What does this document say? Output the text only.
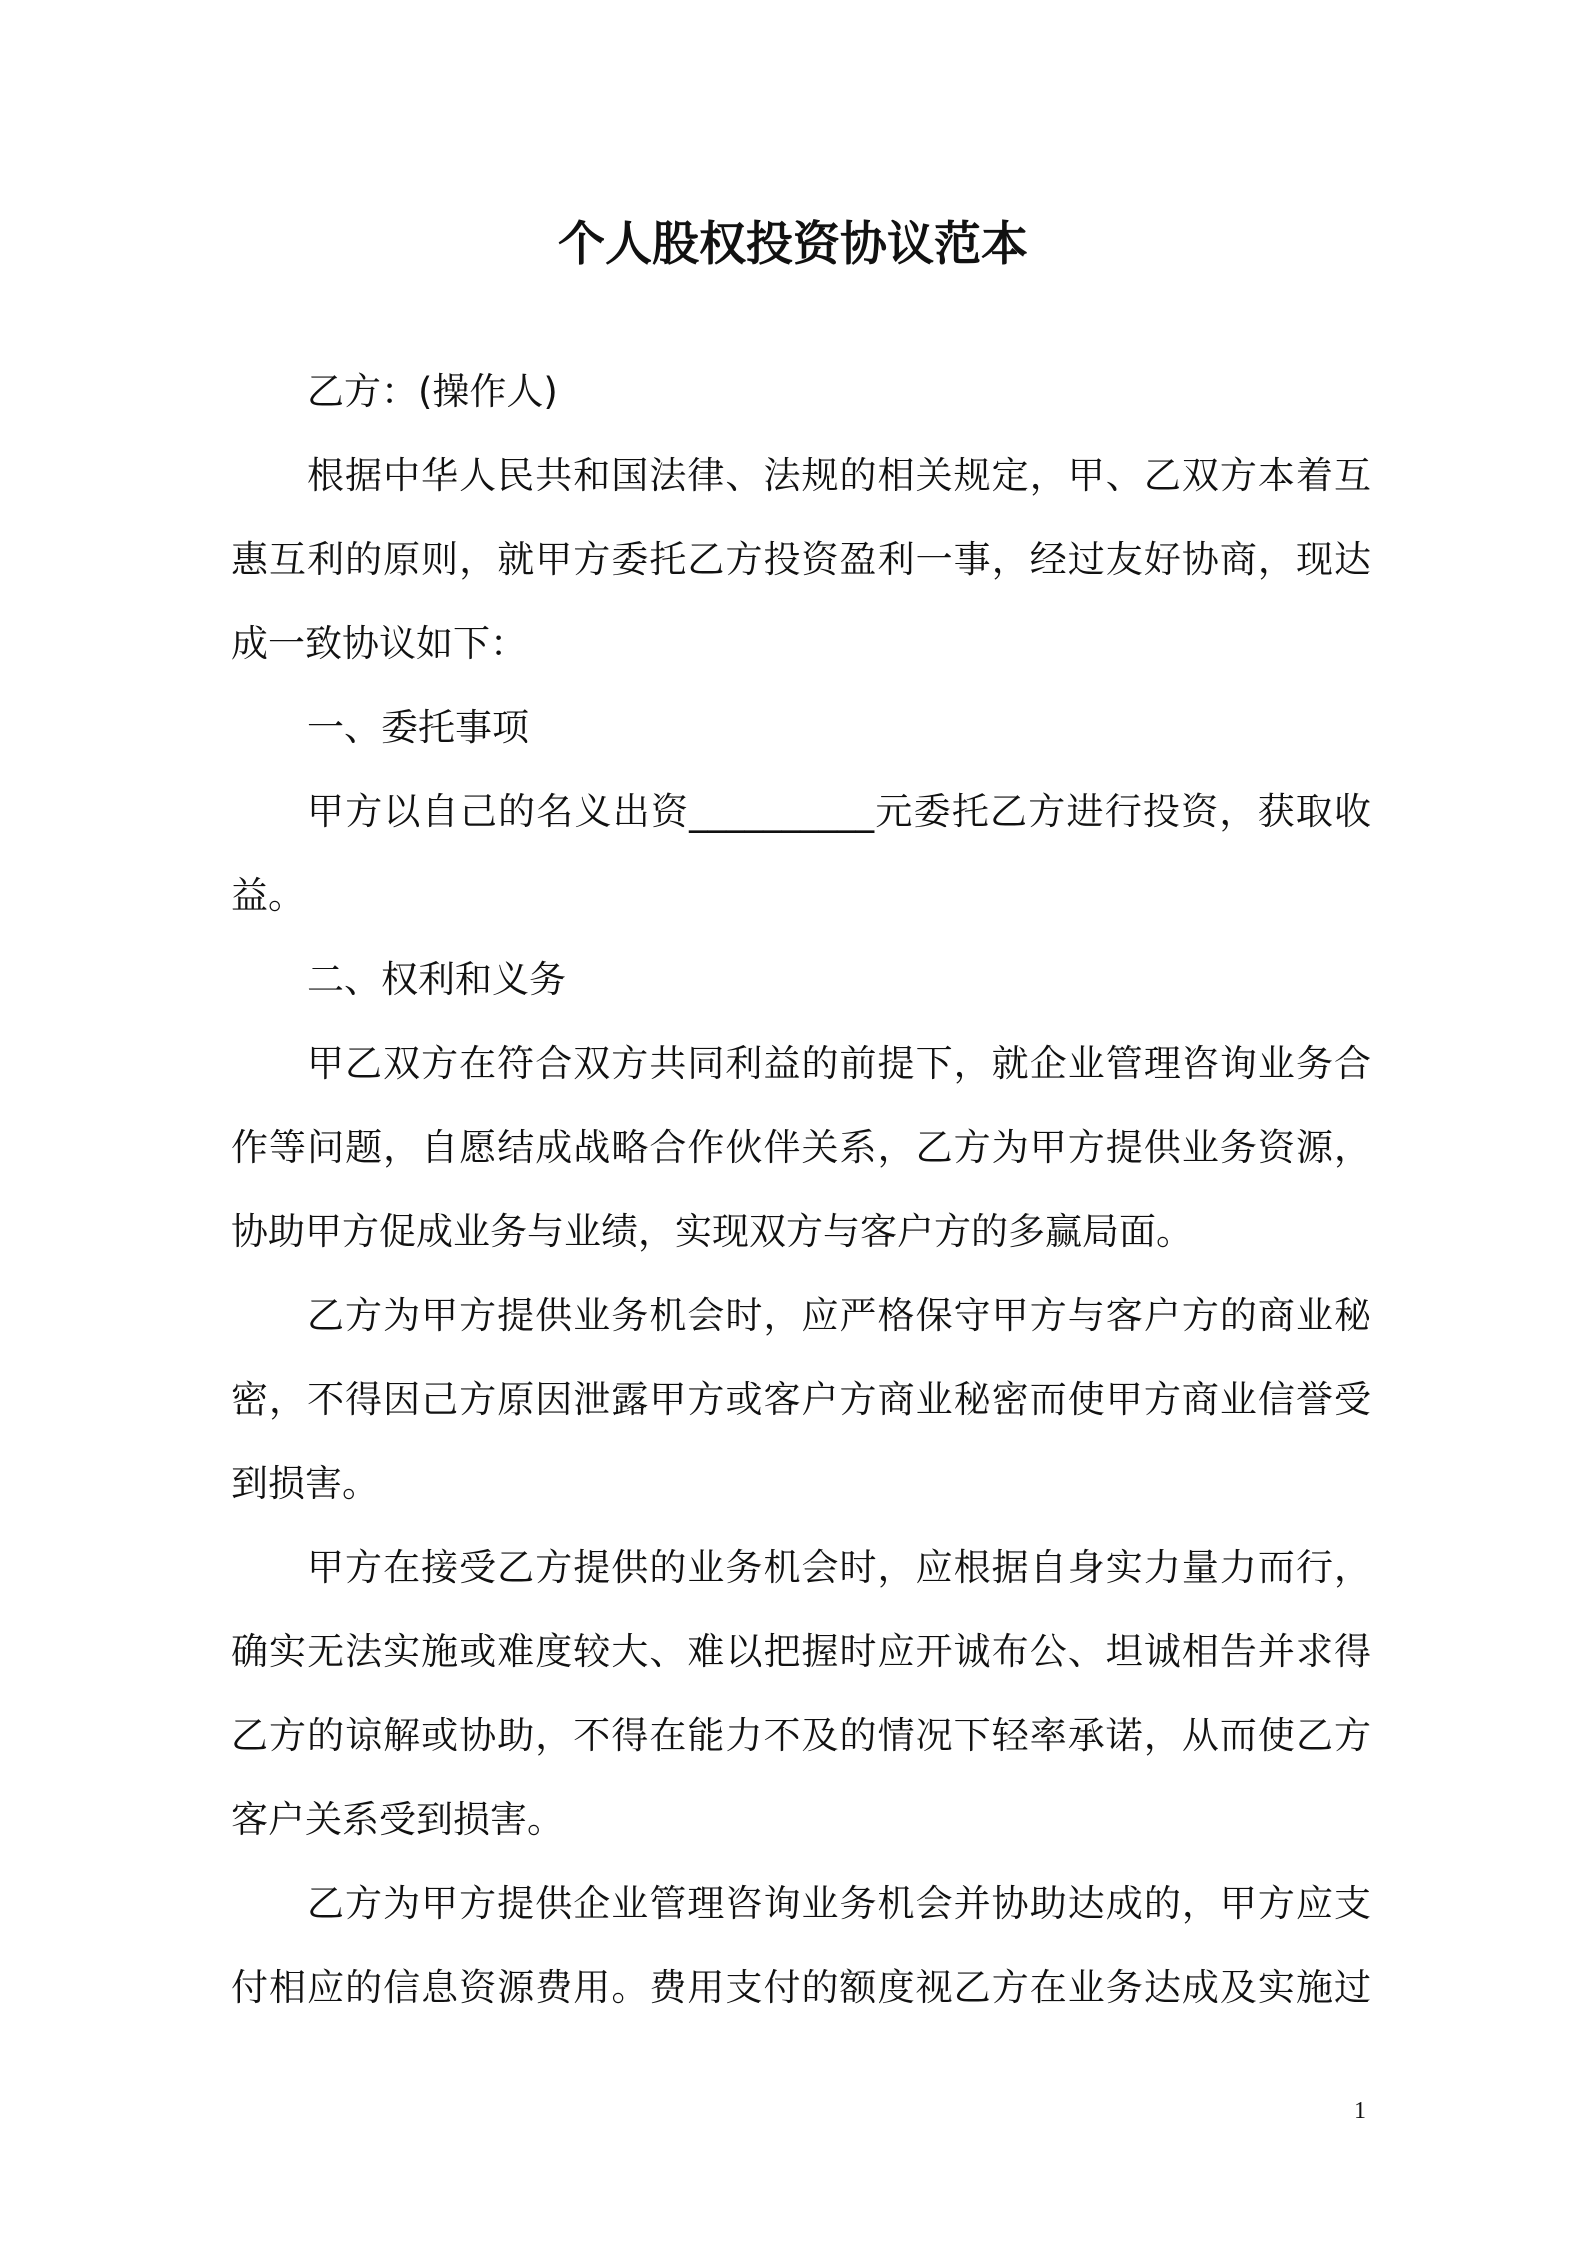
个人股权投资协议范本
乙方：(操作人)
根据中华人民共和国法律、法规的相关规定，甲、乙双方本着互
惠互利的原则，就甲方委托乙方投资盈利一事，经过友好协商，现达
成一致协议如下：
一、委托事项
甲方以自己的名义出资__________元委托乙方进行投资，获取收
益。
二、权利和义务
甲乙双方在符合双方共同利益的前提下，就企业管理咨询业务合
作等问题，自愿结成战略合作伙伴关系，乙方为甲方提供业务资源，
协助甲方促成业务与业绩，实现双方与客户方的多赢局面。
乙方为甲方提供业务机会时，应严格保守甲方与客户方的商业秘
密，不得因己方原因泄露甲方或客户方商业秘密而使甲方商业信誉受
到损害。
甲方在接受乙方提供的业务机会时，应根据自身实力量力而行，
确实无法实施或难度较大、难以把握时应开诚布公、坦诚相告并求得
乙方的谅解或协助，不得在能力不及的情况下轻率承诺，从而使乙方
客户关系受到损害。
乙方为甲方提供企业管理咨询业务机会并协助达成的，甲方应支
付相应的信息资源费用。费用支付的额度视乙方在业务达成及实施过
1
